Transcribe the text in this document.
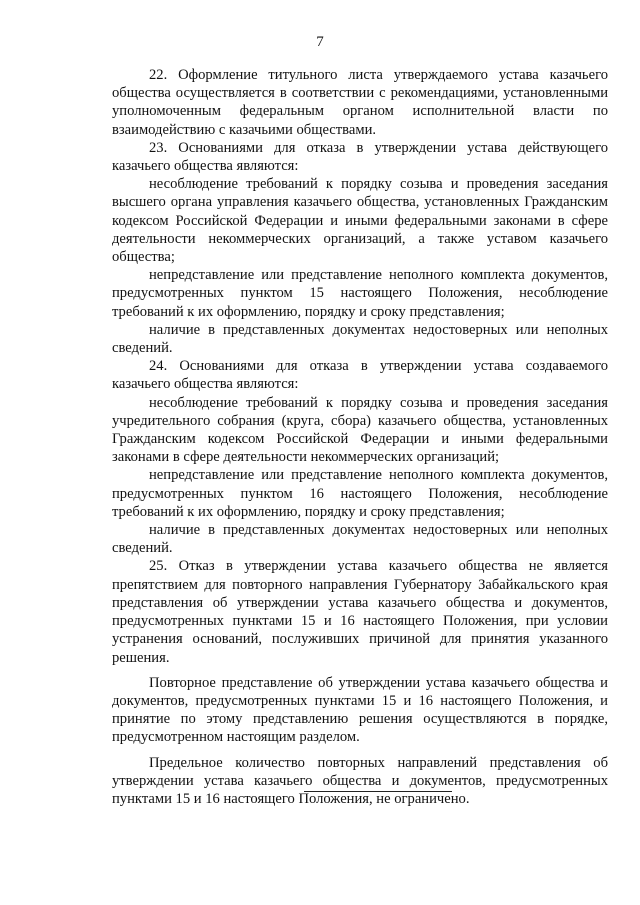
7

22. Оформление титульного листа утверждаемого устава казачьего общества осуществляется в соответствии с рекомендациями, установленными уполномоченным федеральным органом исполнительной власти по взаимодействию с казачьими обществами.

23. Основаниями для отказа в утверждении устава действующего казачьего общества являются:

несоблюдение требований к порядку созыва и проведения заседания высшего органа управления казачьего общества, установленных Гражданским кодексом Российской Федерации и иными федеральными законами в сфере деятельности некоммерческих организаций, а также уставом казачьего общества;

непредставление или представление неполного комплекта документов, предусмотренных пунктом 15 настоящего Положения, несоблюдение требований к их оформлению, порядку и сроку представления;

наличие в представленных документах недостоверных или неполных сведений.

24. Основаниями для отказа в утверждении устава создаваемого казачьего общества являются:

несоблюдение требований к порядку созыва и проведения заседания учредительного собрания (круга, сбора) казачьего общества, установленных Гражданским кодексом Российской Федерации и иными федеральными законами в сфере деятельности некоммерческих организаций;

непредставление или представление неполного комплекта документов, предусмотренных пунктом 16 настоящего Положения, несоблюдение требований к их оформлению, порядку и сроку представления;

наличие в представленных документах недостоверных или неполных сведений.

25. Отказ в утверждении устава казачьего общества не является препятствием для повторного направления Губернатору Забайкальского края представления об утверждении устава казачьего общества и документов, предусмотренных пунктами 15 и 16 настоящего Положения, при условии устранения оснований, послуживших причиной для принятия указанного решения.

Повторное представление об утверждении устава казачьего общества и документов, предусмотренных пунктами 15 и 16 настоящего Положения, и принятие по этому представлению решения осуществляются в порядке, предусмотренном настоящим разделом.

Предельное количество повторных направлений представления об утверждении устава казачьего общества и документов, предусмотренных пунктами 15 и 16 настоящего Положения, не ограничено.
